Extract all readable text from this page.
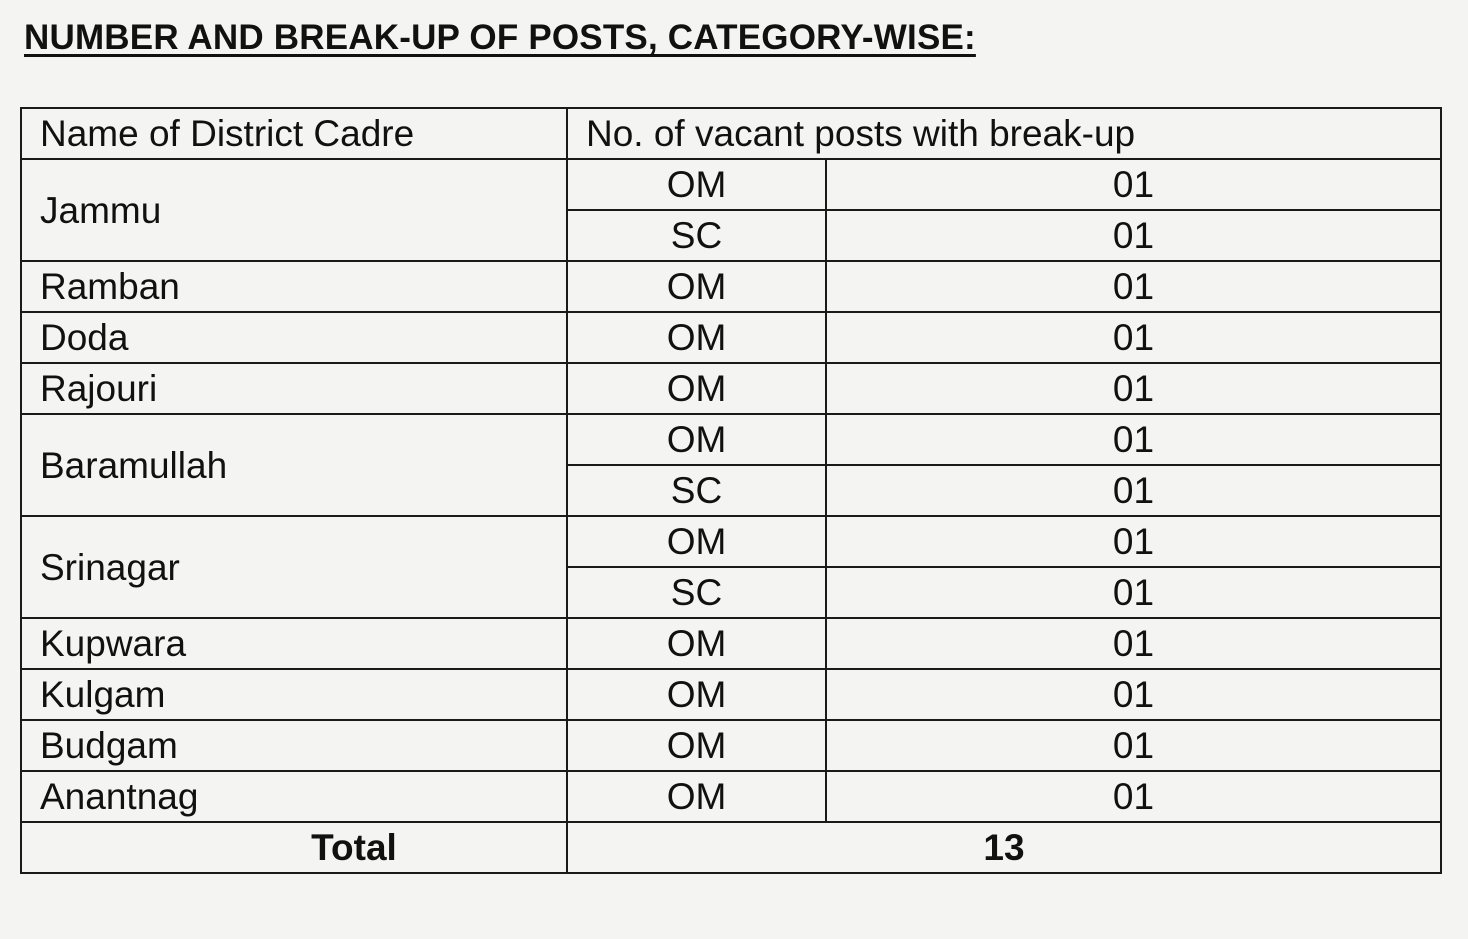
NUMBER AND BREAK-UP OF POSTS, CATEGORY-WISE:
Name of District Cadre	No. of vacant posts with break-up	
Jammu	OM	01
	SC	01
Ramban	OM	01
Doda	OM	01
Rajouri	OM	01
Baramullah	OM	01
	SC	01
Srinagar	OM	01
	SC	01
Kupwara	OM	01
Kulgam	OM	01
Budgam	OM	01
Anantnag	OM	01
Total	13	
